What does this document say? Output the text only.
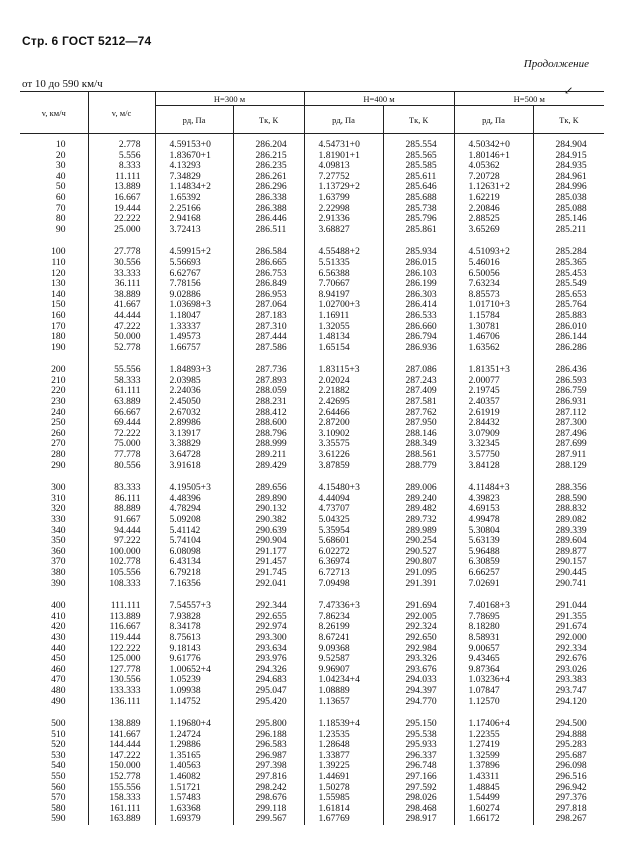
Стр. 6 ГОСТ 5212—74
Продолжение
от 10 до 590 км/ч
↙
v, км/ч	v, м/с	H=300 м		H=400 м		H=500 м	
		pд, Па	Tк, К	pд, Па	Tк, К	pд, Па	Tк, К
10	2.778	4.59153+0	286.204	4.54731+0	285.554	4.50342+0	284.904
20	5.556	1.83670+1	286.215	1.81901+1	285.565	1.80146+1	284.915
30	8.333	4.13293	286.235	4.09813	285.585	4.05362	284.935
40	11.111	7.34829	286.261	7.27752	285.611	7.20728	284.961
50	13.889	1.14834+2	286.296	1.13729+2	285.646	1.12631+2	284.996
60	16.667	1.65392	286.338	1.63799	285.688	1.62219	285.038
70	19.444	2.25166	286.388	2.22998	285.738	2.20846	285.088
80	22.222	2.94168	286.446	2.91336	285.796	2.88525	285.146
90	25.000	3.72413	286.511	3.68827	285.861	3.65269	285.211

100	27.778	4.59915+2	286.584	4.55488+2	285.934	4.51093+2	285.284
110	30.556	5.56693	286.665	5.51335	286.015	5.46016	285.365
120	33.333	6.62767	286.753	6.56388	286.103	6.50056	285.453
130	36.111	7.78156	286.849	7.70667	286.199	7.63234	285.549
140	38.889	9.02886	286.953	8.94197	286.303	8.85573	285.653
150	41.667	1.03698+3	287.064	1.02700+3	286.414	1.01710+3	285.764
160	44.444	1.18047	287.183	1.16911	286.533	1.15784	285.883
170	47.222	1.33337	287.310	1.32055	286.660	1.30781	286.010
180	50.000	1.49573	287.444	1.48134	286.794	1.46706	286.144
190	52.778	1.66757	287.586	1.65154	286.936	1.63562	286.286

200	55.556	1.84893+3	287.736	1.83115+3	287.086	1.81351+3	286.436
210	58.333	2.03985	287.893	2.02024	287.243	2.00077	286.593
220	61.111	2.24036	288.059	2.21882	287.409	2.19745	286.759
230	63.889	2.45050	288.231	2.42695	287.581	2.40357	286.931
240	66.667	2.67032	288.412	2.64466	287.762	2.61919	287.112
250	69.444	2.89986	288.600	2.87200	287.950	2.84432	287.300
260	72.222	3.13917	288.796	3.10902	288.146	3.07909	287.496
270	75.000	3.38829	288.999	3.35575	288.349	3.32345	287.699
280	77.778	3.64728	289.211	3.61226	288.561	3.57750	287.911
290	80.556	3.91618	289.429	3.87859	288.779	3.84128	288.129

300	83.333	4.19505+3	289.656	4.15480+3	289.006	4.11484+3	288.356
310	86.111	4.48396	289.890	4.44094	289.240	4.39823	288.590
320	88.889	4.78294	290.132	4.73707	289.482	4.69153	288.832
330	91.667	5.09208	290.382	5.04325	289.732	4.99478	289.082
340	94.444	5.41142	290.639	5.35954	289.989	5.30804	289.339
350	97.222	5.74104	290.904	5.68601	290.254	5.63139	289.604
360	100.000	6.08098	291.177	6.02272	290.527	5.96488	289.877
370	102.778	6.43134	291.457	6.36974	290.807	6.30859	290.157
380	105.556	6.79218	291.745	6.72713	291.095	6.66257	290.445
390	108.333	7.16356	292.041	7.09498	291.391	7.02691	290.741

400	111.111	7.54557+3	292.344	7.47336+3	291.694	7.40168+3	291.044
410	113.889	7.93828	292.655	7.86234	292.005	7.78695	291.355
420	116.667	8.34178	292.974	8.26199	292.324	8.18280	291.674
430	119.444	8.75613	293.300	8.67241	292.650	8.58931	292.000
440	122.222	9.18143	293.634	9.09368	292.984	9.00657	292.334
450	125.000	9.61776	293.976	9.52587	293.326	9.43465	292.676
460	127.778	1.00652+4	294.326	9.96907	293.676	9.87364	293.026
470	130.556	1.05239	294.683	1.04234+4	294.033	1.03236+4	293.383
480	133.333	1.09938	295.047	1.08889	294.397	1.07847	293.747
490	136.111	1.14752	295.420	1.13657	294.770	1.12570	294.120

500	138.889	1.19680+4	295.800	1.18539+4	295.150	1.17406+4	294.500
510	141.667	1.24724	296.188	1.23535	295.538	1.22355	294.888
520	144.444	1.29886	296.583	1.28648	295.933	1.27419	295.283
530	147.222	1.35165	296.987	1.33877	296.337	1.32599	295.687
540	150.000	1.40563	297.398	1.39225	296.748	1.37896	296.098
550	152.778	1.46082	297.816	1.44691	297.166	1.43311	296.516
560	155.556	1.51721	298.242	1.50278	297.592	1.48845	296.942
570	158.333	1.57483	298.676	1.55985	298.026	1.54499	297.376
580	161.111	1.63368	299.118	1.61814	298.468	1.60274	297.818
590	163.889	1.69379	299.567	1.67769	298.917	1.66172	298.267
